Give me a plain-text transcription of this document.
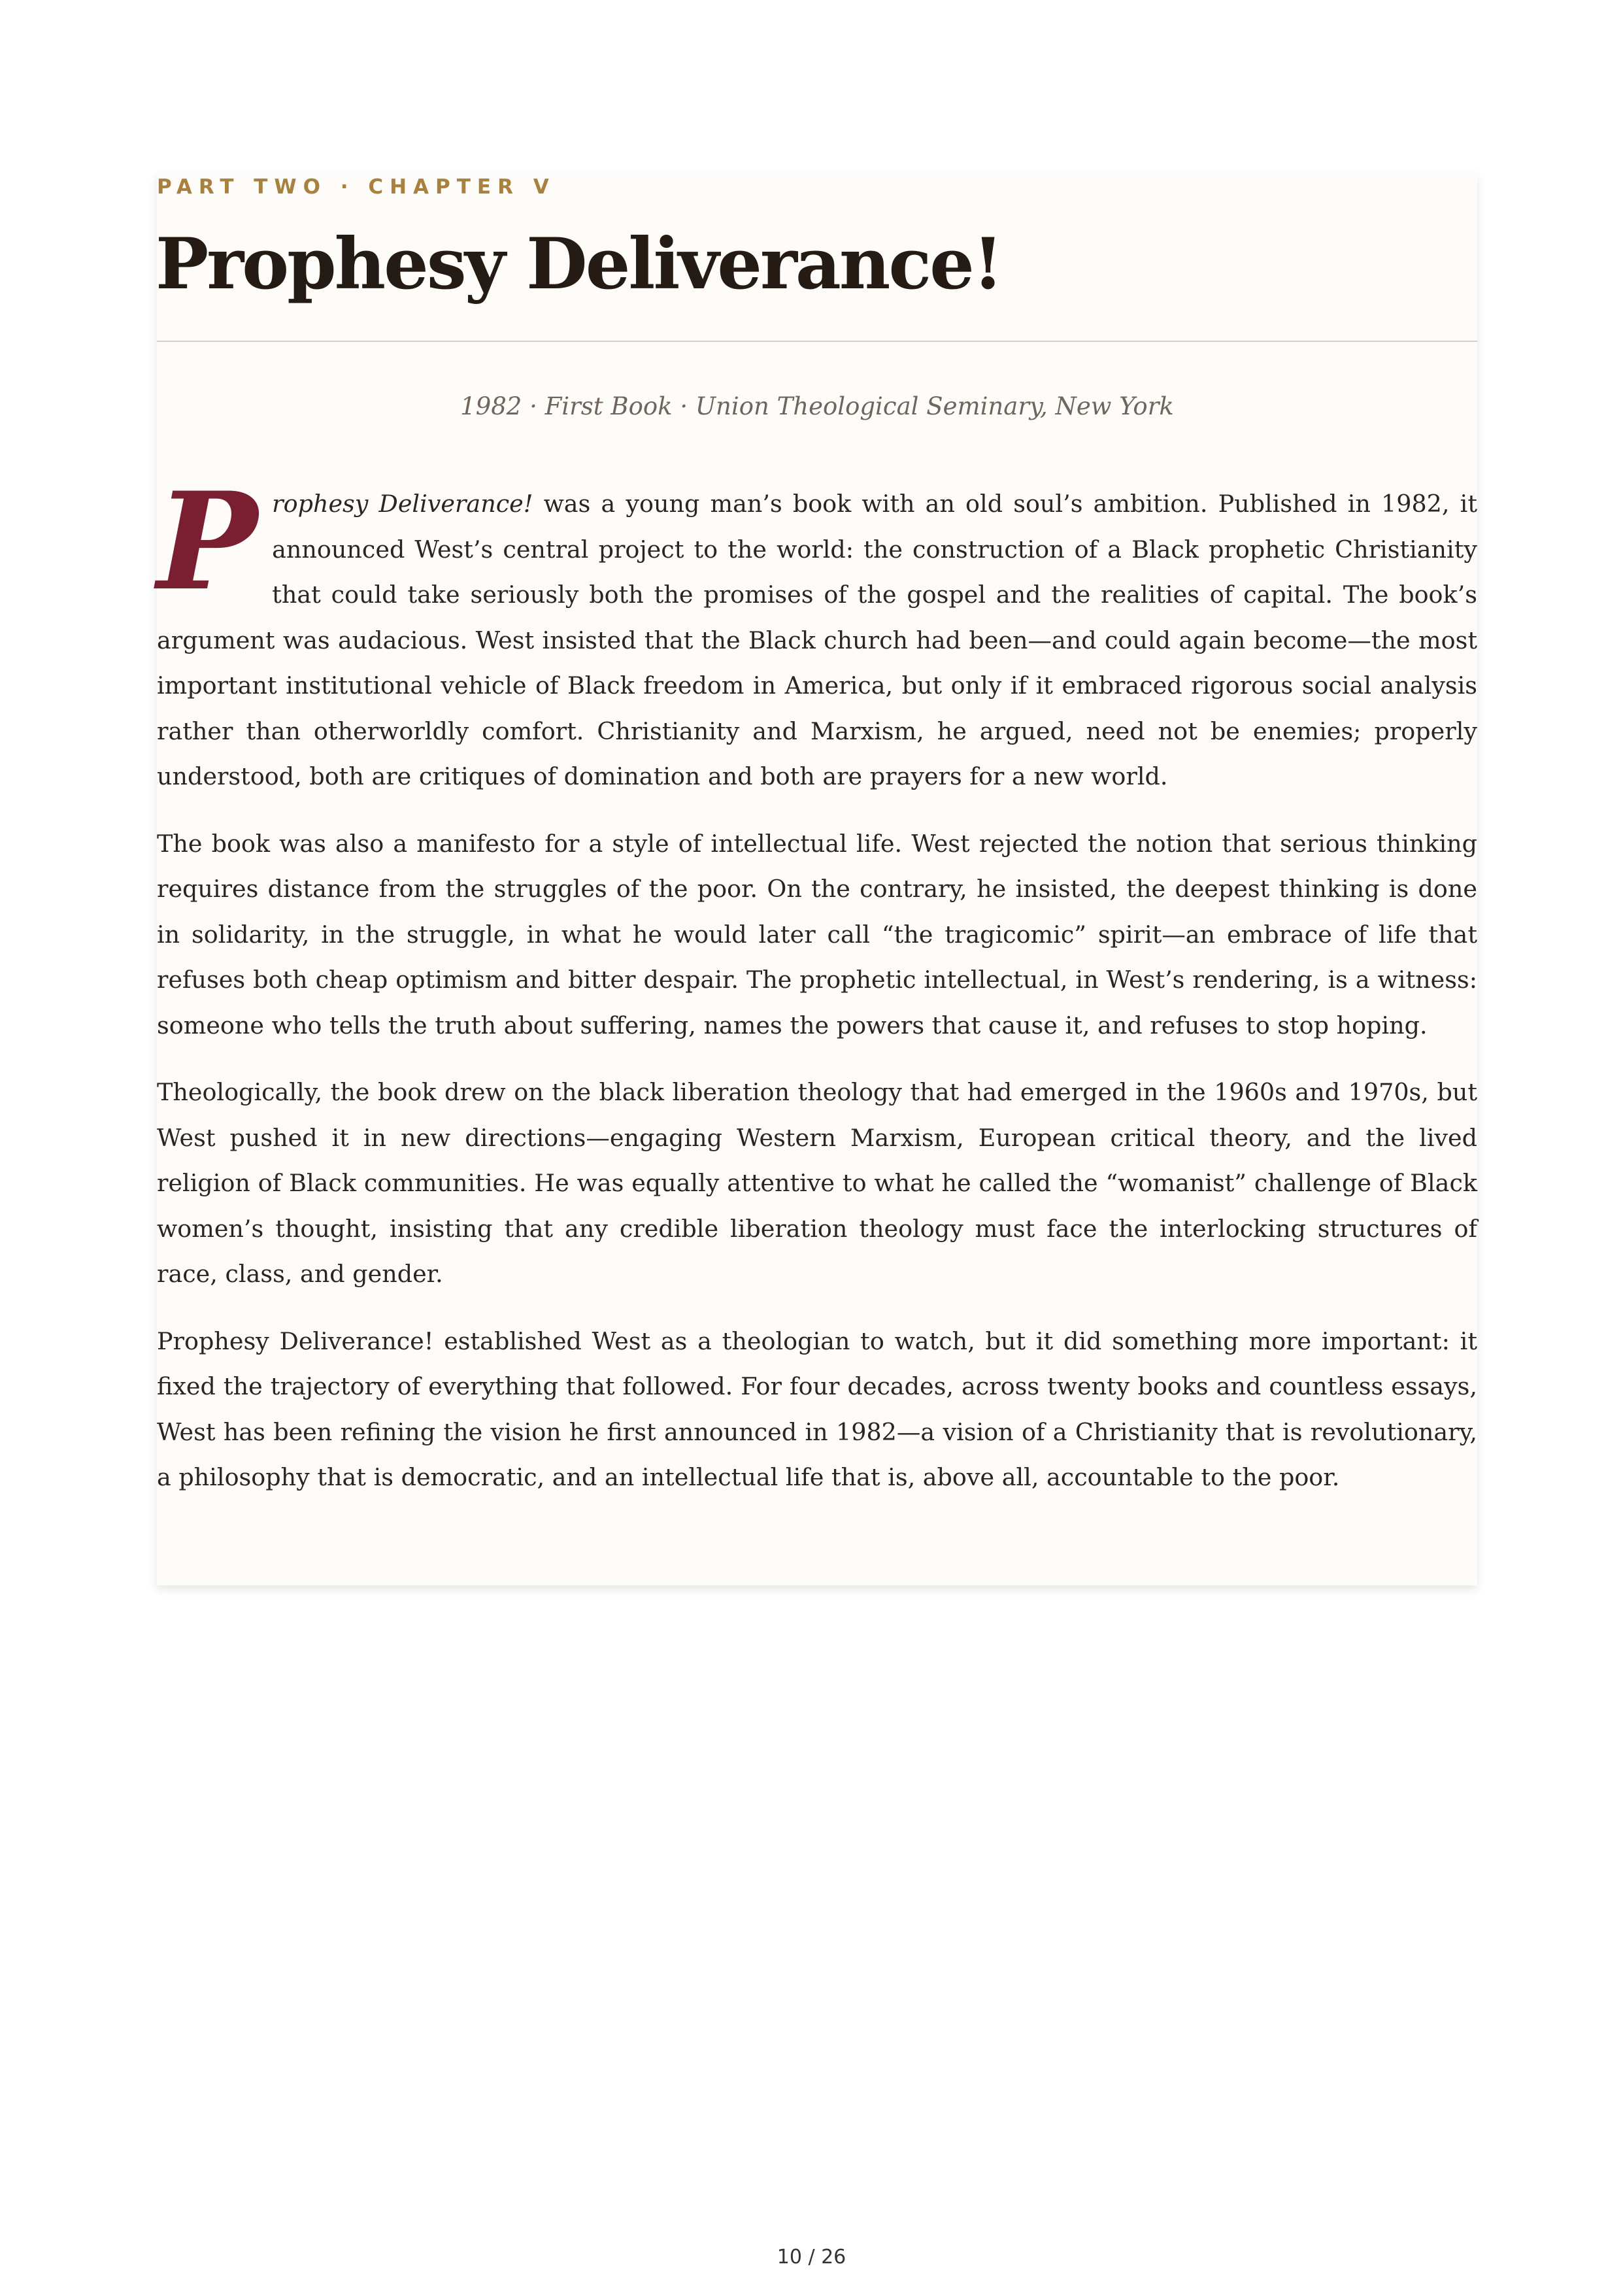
PART TWO · CHAPTER V
Prophesy Deliverance!
1982 · First Book · Union Theological Seminary, New York

Prophesy Deliverance! was a young man’s book with an old soul’s ambition. Published in 1982, it announced West’s central project to the world: the construction of a Black prophetic Christianity that could take seriously both the promises of the gospel and the realities of capital. The book’s argument was audacious. West insisted that the Black church had been—and could again become—the most important institutional vehicle of Black freedom in America, but only if it embraced rigorous social analysis rather than otherworldly comfort. Christianity and Marxism, he argued, need not be enemies; properly understood, both are critiques of domination and both are prayers for a new world.

The book was also a manifesto for a style of intellectual life. West rejected the notion that serious thinking requires distance from the struggles of the poor. On the contrary, he insisted, the deepest thinking is done in solidarity, in the struggle, in what he would later call “the tragicomic” spirit—an embrace of life that refuses both cheap optimism and bitter despair. The prophetic intellectual, in West’s rendering, is a witness: someone who tells the truth about suffering, names the powers that cause it, and refuses to stop hoping.

Theologically, the book drew on the black liberation theology that had emerged in the 1960s and 1970s, but West pushed it in new directions—engaging Western Marxism, European critical theory, and the lived religion of Black communities. He was equally attentive to what he called the “womanist” challenge of Black women’s thought, insisting that any credible liberation theology must face the interlocking structures of race, class, and gender.

Prophesy Deliverance! established West as a theologian to watch, but it did something more important: it fixed the trajectory of everything that followed. For four decades, across twenty books and countless essays, West has been refining the vision he first announced in 1982—a vision of a Christianity that is revolutionary, a philosophy that is democratic, and an intellectual life that is, above all, accountable to the poor.

10 / 26
